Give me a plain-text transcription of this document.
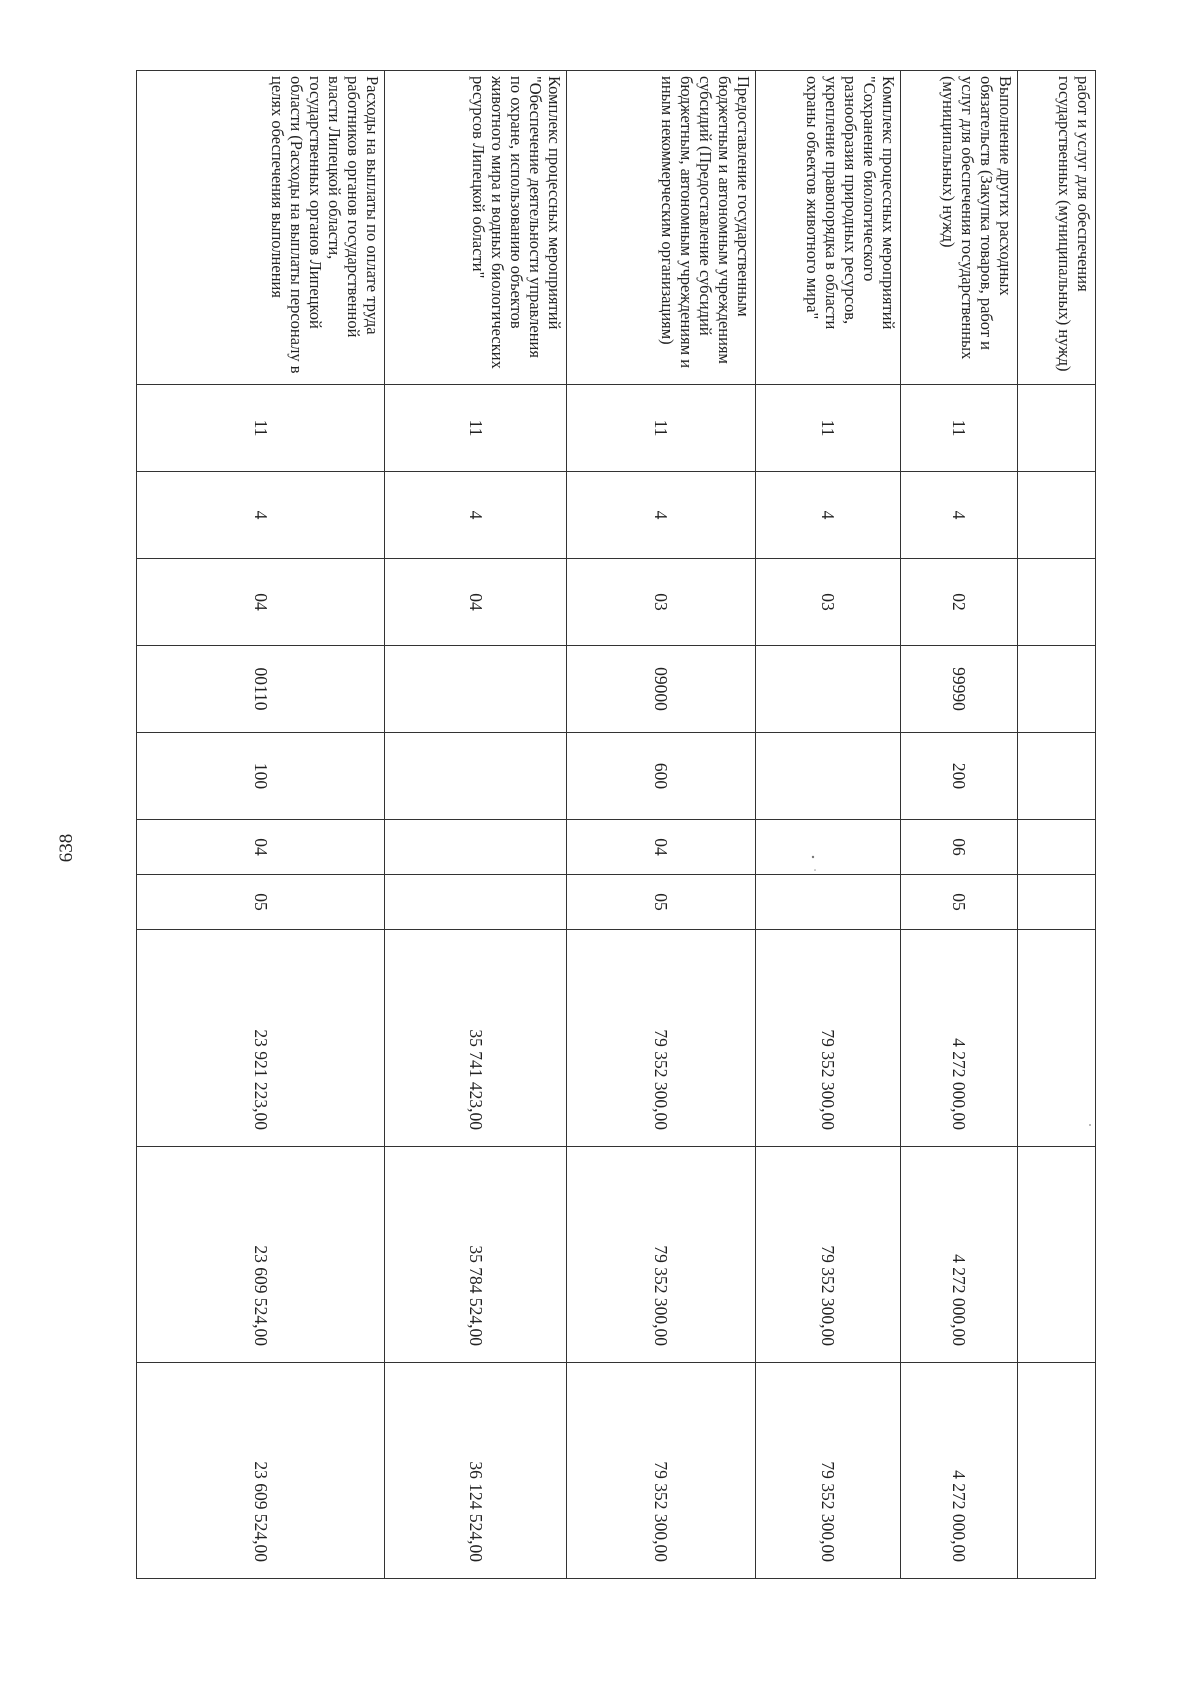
638
работ и услуг для обеспечения государственных (муниципальных) нужд)										
Выполнение других расходных обязательств (Закупка товаров, работ и услуг для обеспечения государственных (муниципальных) нужд)	11	4	02	99990	200	06	05	4 272 000,00	4 272 000,00	4 272 000,00
Комплекс процессных мероприятий "Сохранение биологического разнообразия природных ресурсов, укрепление правопорядка в области охраны объектов животного мира"	11	4	03					79 352 300,00	79 352 300,00	79 352 300,00
Предоставление государственным бюджетным и автономным учреждениям субсидий (Предоставление субсидий бюджетным, автономным учреждениям и иным некоммерческим организациям)	11	4	03	09000	600	04	05	79 352 300,00	79 352 300,00	79 352 300,00
Комплекс процессных мероприятий "Обеспечение деятельности управления по охране, использованию объектов животного мира и водных биологических ресурсов Липецкой области"	11	4	04					35 741 423,00	35 784 524,00	36 124 524,00
Расходы на выплаты по оплате труда работников органов государственной власти Липецкой области, государственных органов Липецкой области (Расходы на выплаты персоналу в целях обеспечения выполнения	11	4	04	00110	100	04	05	23 921 223,00	23 609 524,00	23 609 524,00
